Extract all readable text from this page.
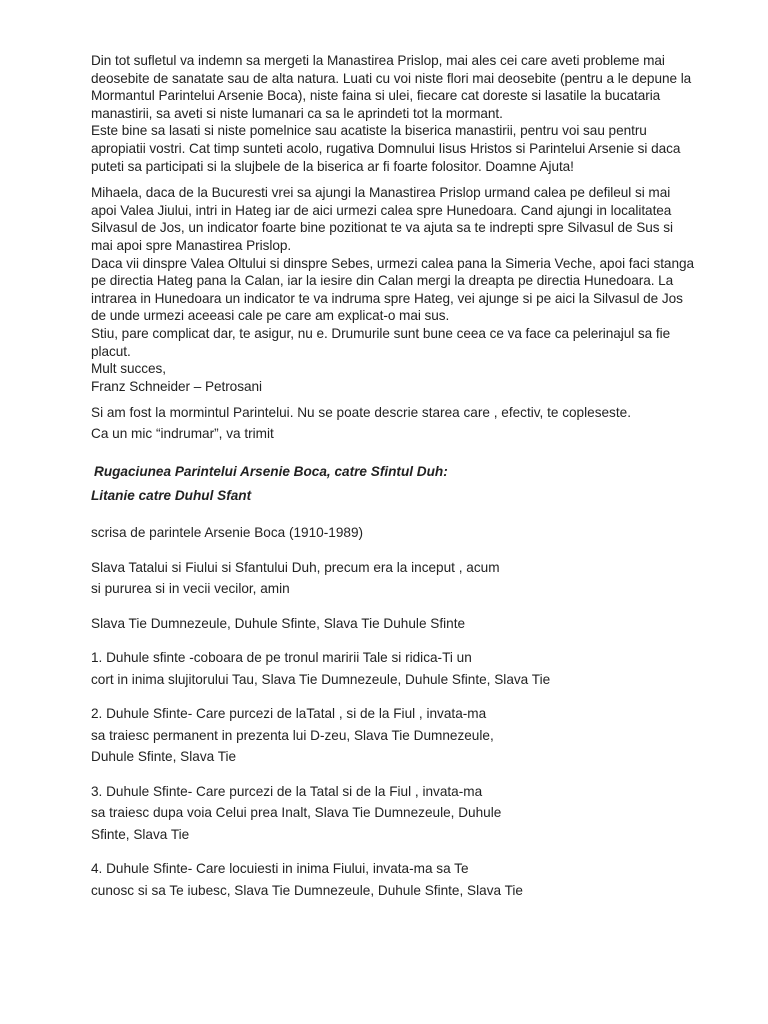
Din tot sufletul va indemn sa mergeti la Manastirea Prislop, mai ales cei care aveti probleme mai
deosebite de sanatate sau de alta natura. Luati cu voi niste flori mai deosebite (pentru a le depune la
Mormantul Parintelui Arsenie Boca), niste faina si ulei, fiecare cat doreste si lasatile la bucataria
manastirii, sa aveti si niste lumanari ca sa le aprindeti tot la mormant.
Este bine sa lasati si niste pomelnice sau acatiste la biserica manastirii, pentru voi sau pentru
apropiatii vostri. Cat timp sunteti acolo, rugativa Domnului Iisus Hristos si Parintelui Arsenie si daca
puteti sa participati si la slujbele de la biserica ar fi foarte folositor. Doamne Ajuta!
Mihaela, daca de la Bucuresti vrei sa ajungi la Manastirea Prislop urmand calea pe defileul si mai
apoi Valea Jiului, intri in Hateg iar de aici urmezi calea spre Hunedoara. Cand ajungi in localitatea
Silvasul de Jos, un indicator foarte bine pozitionat te va ajuta sa te indrepti spre Silvasul de Sus si
mai apoi spre Manastirea Prislop.
Daca vii dinspre Valea Oltului si dinspre Sebes, urmezi calea pana la Simeria Veche, apoi faci stanga
pe directia Hateg pana la Calan, iar la iesire din Calan mergi la dreapta pe directia Hunedoara. La
intrarea in Hunedoara un indicator te va indruma spre Hateg, vei ajunge si pe aici la Silvasul de Jos
de unde urmezi aceeasi cale pe care am explicat-o mai sus.
Stiu, pare complicat dar, te asigur, nu e. Drumurile sunt bune ceea ce va face ca pelerinajul sa fie
placut.
Mult succes,
Franz Schneider – Petrosani
Si am fost la mormintul Parintelui. Nu se poate descrie starea care , efectiv, te copleseste.
Ca un mic “indrumar”, va trimit
Rugaciunea Parintelui Arsenie Boca, catre Sfintul Duh:
Litanie catre Duhul Sfant
scrisa de parintele Arsenie Boca (1910-1989)
Slava Tatalui si Fiului si Sfantului Duh, precum era la inceput , acum
si pururea si in vecii vecilor, amin
Slava Tie Dumnezeule, Duhule Sfinte, Slava Tie Duhule Sfinte
1. Duhule sfinte -coboara de pe tronul maririi Tale si ridica-Ti un
cort in inima slujitorului Tau, Slava Tie Dumnezeule, Duhule Sfinte, Slava Tie
2. Duhule Sfinte- Care purcezi de laTatal , si de la Fiul , invata-ma
sa traiesc permanent in prezenta lui D-zeu, Slava Tie Dumnezeule,
Duhule Sfinte, Slava Tie
3. Duhule Sfinte- Care purcezi de la Tatal si de la Fiul , invata-ma
sa traiesc dupa voia Celui prea Inalt, Slava Tie Dumnezeule, Duhule
Sfinte, Slava Tie
4. Duhule Sfinte- Care locuiesti in inima Fiului, invata-ma sa Te
cunosc si sa Te iubesc, Slava Tie Dumnezeule, Duhule Sfinte, Slava Tie
